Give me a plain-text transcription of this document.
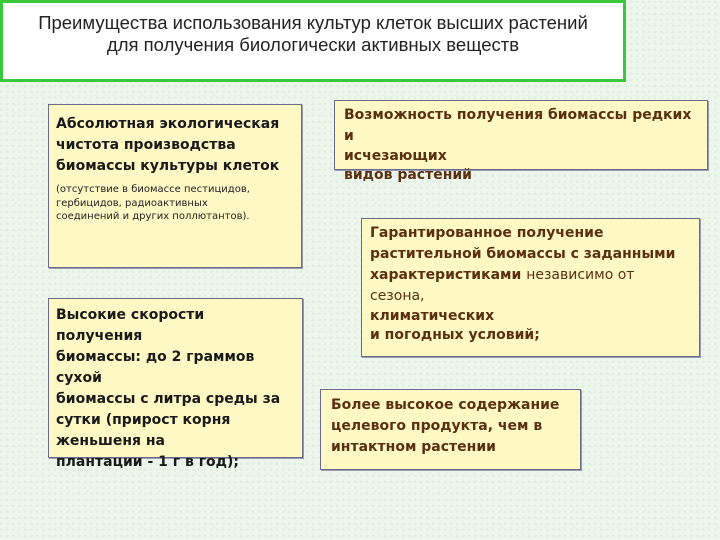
Преимущества использования культур клеток высших растений
для получения биологически активных веществ
Абсолютная экологическая
чистота производства
биомассы культуры клеток
(отсутствие в биомассе пестицидов,
гербицидов, радиоактивных
соединений и других поллютантов).
Высокие скорости получения
биомассы: до 2 граммов
сухой
биомассы с литра среды за
сутки (прирост корня
женьшеня на
плантации - 1 г в год);
Возможность получения биомассы редких и
исчезающих
видов растений
Гарантированное получение
растительной биомассы с заданными
характеристиками независимо от сезона,
климатических
и погодных условий;
Более высокое содержание
целевого продукта, чем в
интактном растении
